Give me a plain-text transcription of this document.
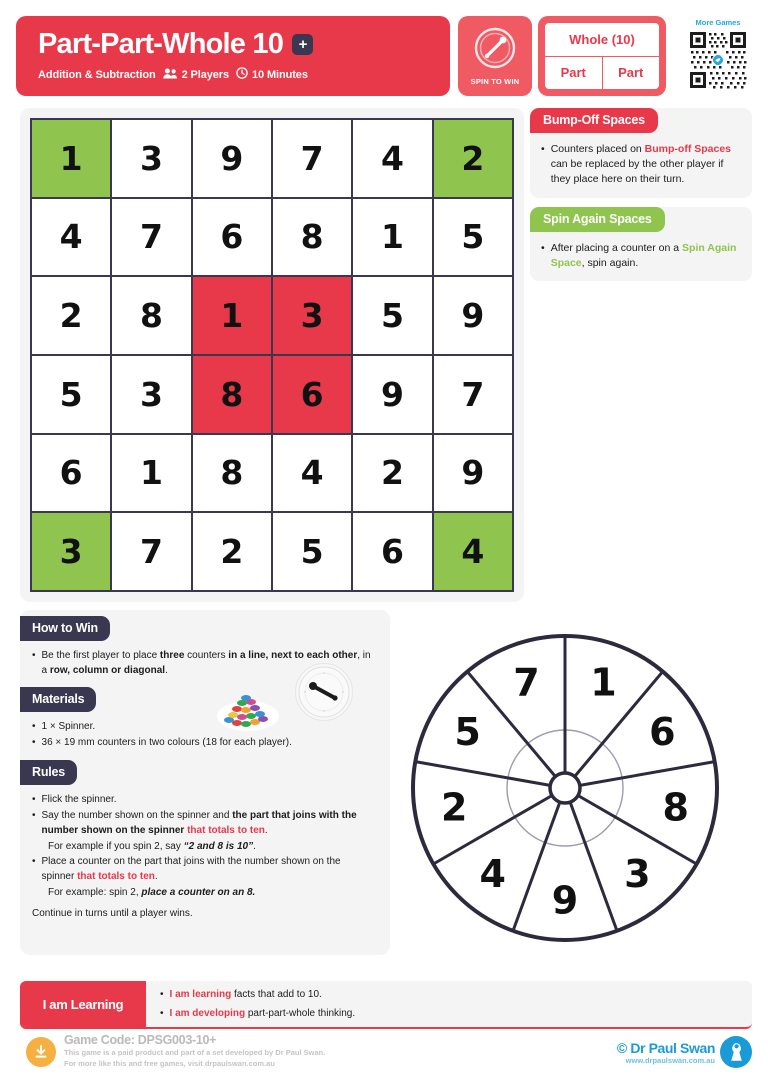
Part-Part-Whole 10	+
Addition & Subtraction 2 Players 10 Minutes
SPIN TO WIN
Whole (10)
Part	Part
More Games
1	3	9	7	4	2
4	7	6	8	1	5
2	8	1	3	5	9
5	3	8	6	9	7
6	1	8	4	2	9
3	7	2	5	6	4
Bump-Off Spaces
• Counters placed on Bump-off Spaces can be replaced by the other player if they place here on their turn.
Spin Again Spaces
• After placing a counter on a Spin Again Space, spin again.
How to Win
• Be the first player to place three counters in a line, next to each other, in a row, column or diagonal.
Materials
• 1 × Spinner.
• 36 × 19 mm counters in two colours (18 for each player).
Rules
• Flick the spinner.
• Say the number shown on the spinner and the part that joins with the number shown on the spinner that totals to ten.
For example if you spin 2, say “2 and 8 is 10”.
• Place a counter on the part that joins with the number shown on the spinner that totals to ten.
For example: spin 2, place a counter on an 8.
Continue in turns until a player wins.
1
6
8
3
9
4
2
5
7
I am Learning
• I am learning facts that add to 10.
• I am developing part-part-whole thinking.
Game Code: DPSG003-10+
This game is a paid product and part of a set developed by Dr Paul Swan.
For more like this and free games, visit drpaulswan.com.au
© Dr Paul Swan
www.drpaulswan.com.au
